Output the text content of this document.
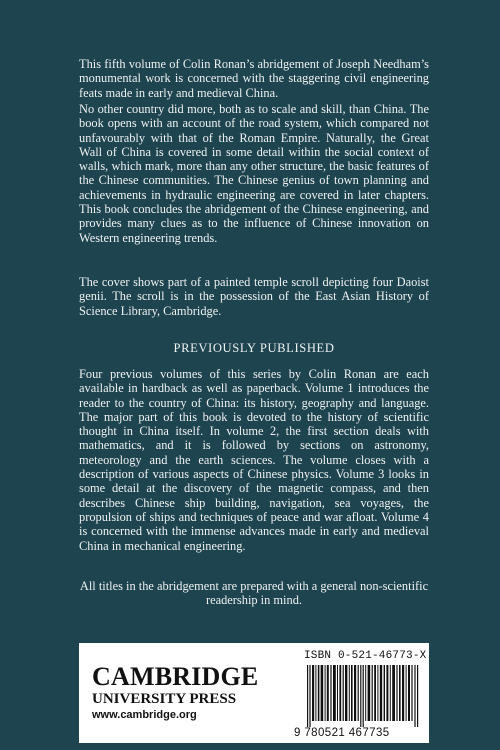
This fifth volume of Colin Ronan’s abridgement of Joseph Needham’s monumental work is concerned with the staggering civil engineering feats made in early and medieval China.

No other country did more, both as to scale and skill, than China. The book opens with an account of the road system, which compared not unfavourably with that of the Roman Empire. Naturally, the Great Wall of China is covered in some detail within the social context of walls, which mark, more than any other structure, the basic features of the Chinese communities. The Chinese genius of town planning and achievements in hydraulic engineering are covered in later chapters. This book concludes the abridgement of the Chinese engineering, and provides many clues as to the influence of Chinese innovation on Western engineering trends.

The cover shows part of a painted temple scroll depicting four Daoist genii. The scroll is in the possession of the East Asian History of Science Library, Cambridge.

PREVIOUSLY PUBLISHED

Four previous volumes of this series by Colin Ronan are each available in hardback as well as paperback. Volume 1 introduces the reader to the country of China: its history, geography and language. The major part of this book is devoted to the history of scientific thought in China itself. In volume 2, the first section deals with mathematics, and it is followed by sections on astronomy, meteorology and the earth sciences. The volume closes with a description of various aspects of Chinese physics. Volume 3 looks in some detail at the discovery of the magnetic compass, and then describes Chinese ship building, navigation, sea voyages, the propulsion of ships and techniques of peace and war afloat. Volume 4 is concerned with the immense advances made in early and medieval China in mechanical engineering.

All titles in the abridgement are prepared with a general non-scientific readership in mind.

CAMBRIDGE
UNIVERSITY PRESS
www.cambridge.org
ISBN 0-521-46773-X
9 780521 467735
